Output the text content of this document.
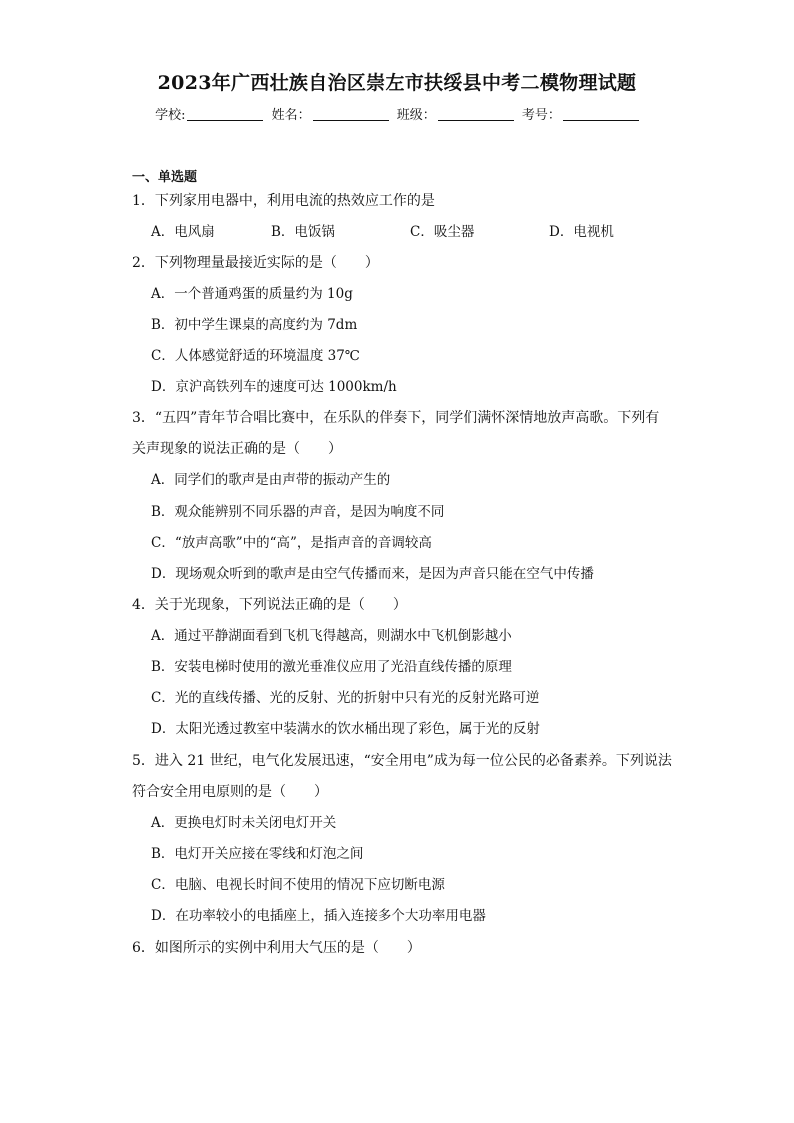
2023年广西壮族自治区崇左市扶绥县中考二模物理试题
学校:	姓名：	班级：	考号：
一、单选题
1．下列家用电器中，利用电流的热效应工作的是
A．电风扇	B．电饭锅	C．吸尘器	D．电视机
2．下列物理量最接近实际的是（　　）
A．一个普通鸡蛋的质量约为 10g
B．初中学生课桌的高度约为 7dm
C．人体感觉舒适的环境温度 37℃
D．京沪高铁列车的速度可达 1000km/h
3．“五四”青年节合唱比赛中，在乐队的伴奏下，同学们满怀深情地放声高歌。下列有
关声现象的说法正确的是（　　）
A．同学们的歌声是由声带的振动产生的
B．观众能辨别不同乐器的声音，是因为响度不同
C．“放声高歌”中的“高”，是指声音的音调较高
D．现场观众听到的歌声是由空气传播而来，是因为声音只能在空气中传播
4．关于光现象，下列说法正确的是（　　）
A．通过平静湖面看到飞机飞得越高，则湖水中飞机倒影越小
B．安装电梯时使用的激光垂准仪应用了光沿直线传播的原理
C．光的直线传播、光的反射、光的折射中只有光的反射光路可逆
D．太阳光透过教室中装满水的饮水桶出现了彩色，属于光的反射
5．进入 21 世纪，电气化发展迅速，“安全用电”成为每一位公民的必备素养。下列说法
符合安全用电原则的是（　　）
A．更换电灯时未关闭电灯开关
B．电灯开关应接在零线和灯泡之间
C．电脑、电视长时间不使用的情况下应切断电源
D．在功率较小的电插座上，插入连接多个大功率用电器
6．如图所示的实例中利用大气压的是（　　）
